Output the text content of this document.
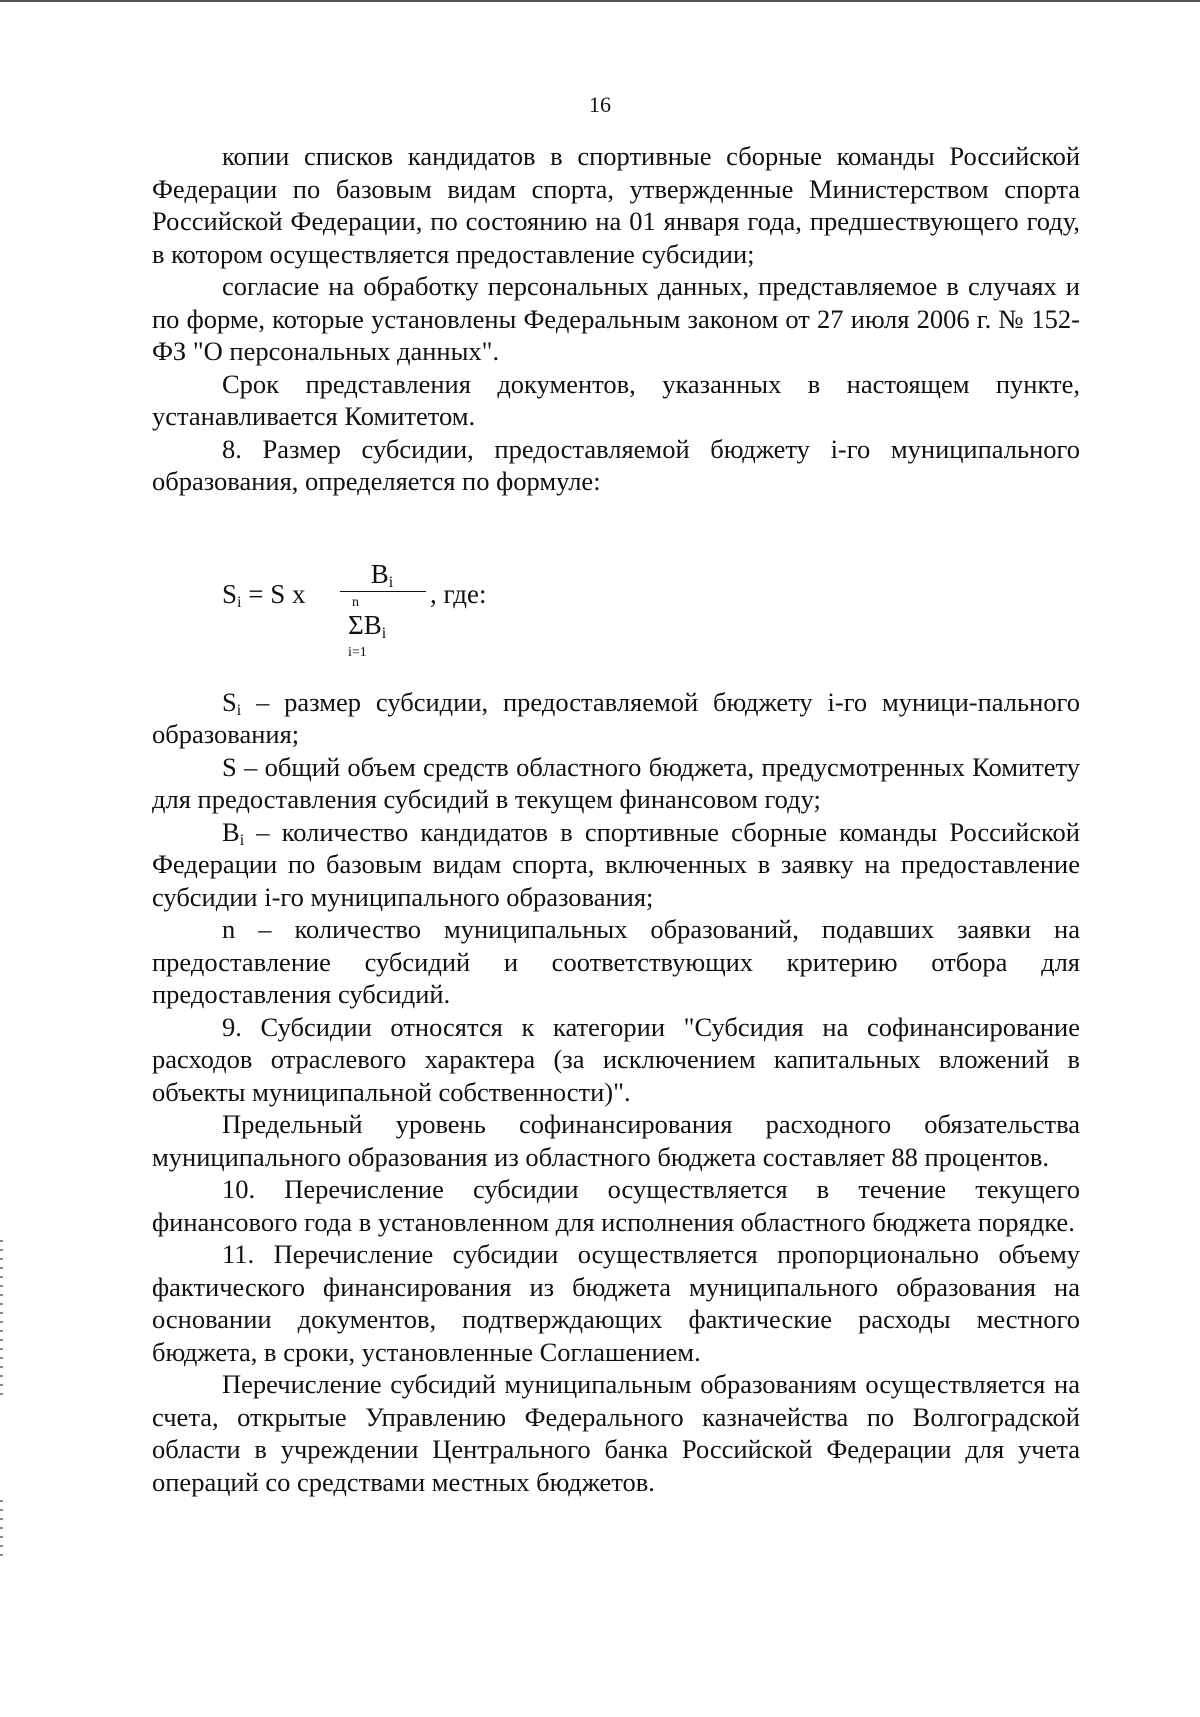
16

копии списков кандидатов в спортивные сборные команды Российской Федерации по базовым видам спорта, утвержденные Министерством спорта Российской Федерации, по состоянию на 01 января года, предшествующего году, в котором осуществляется предоставление субсидии;

согласие на обработку персональных данных, представляемое в случаях и по форме, которые установлены Федеральным законом от 27 июля 2006 г. № 152-ФЗ "О персональных данных".

Срок представления документов, указанных в настоящем пункте, устанавливается Комитетом.

8. Размер субсидии, предоставляемой бюджету i-го муниципального образования, определяется по формуле:

$S_i = S$ x
$B_i$	, где:
n
$\Sigma B_i$
i=1

$S_i$ – размер субсидии, предоставляемой бюджету i-го муници-пального образования;

S – общий объем средств областного бюджета, предусмотренных Комитету для предоставления субсидий в текущем финансовом году;

$B_i$ – количество кандидатов в спортивные сборные команды Российской Федерации по базовым видам спорта, включенных в заявку на предоставление субсидии i-го муниципального образования;

n – количество муниципальных образований, подавших заявки на предоставление субсидий и соответствующих критерию отбора для предоставления субсидий.

9. Субсидии относятся к категории "Субсидия на софинансирование расходов отраслевого характера (за исключением капитальных вложений в объекты муниципальной собственности)".

Предельный уровень софинансирования расходного обязательства муниципального образования из областного бюджета составляет 88 процентов.

10. Перечисление субсидии осуществляется в течение текущего финансового года в установленном для исполнения областного бюджета порядке.

11. Перечисление субсидии осуществляется пропорционально объему фактического финансирования из бюджета муниципального образования на основании документов, подтверждающих фактические расходы местного бюджета, в сроки, установленные Соглашением.

Перечисление субсидий муниципальным образованиям осуществляется на счета, открытые Управлению Федерального казначейства по Волгоградской области в учреждении Центрального банка Российской Федерации для учета операций со средствами местных бюджетов.
